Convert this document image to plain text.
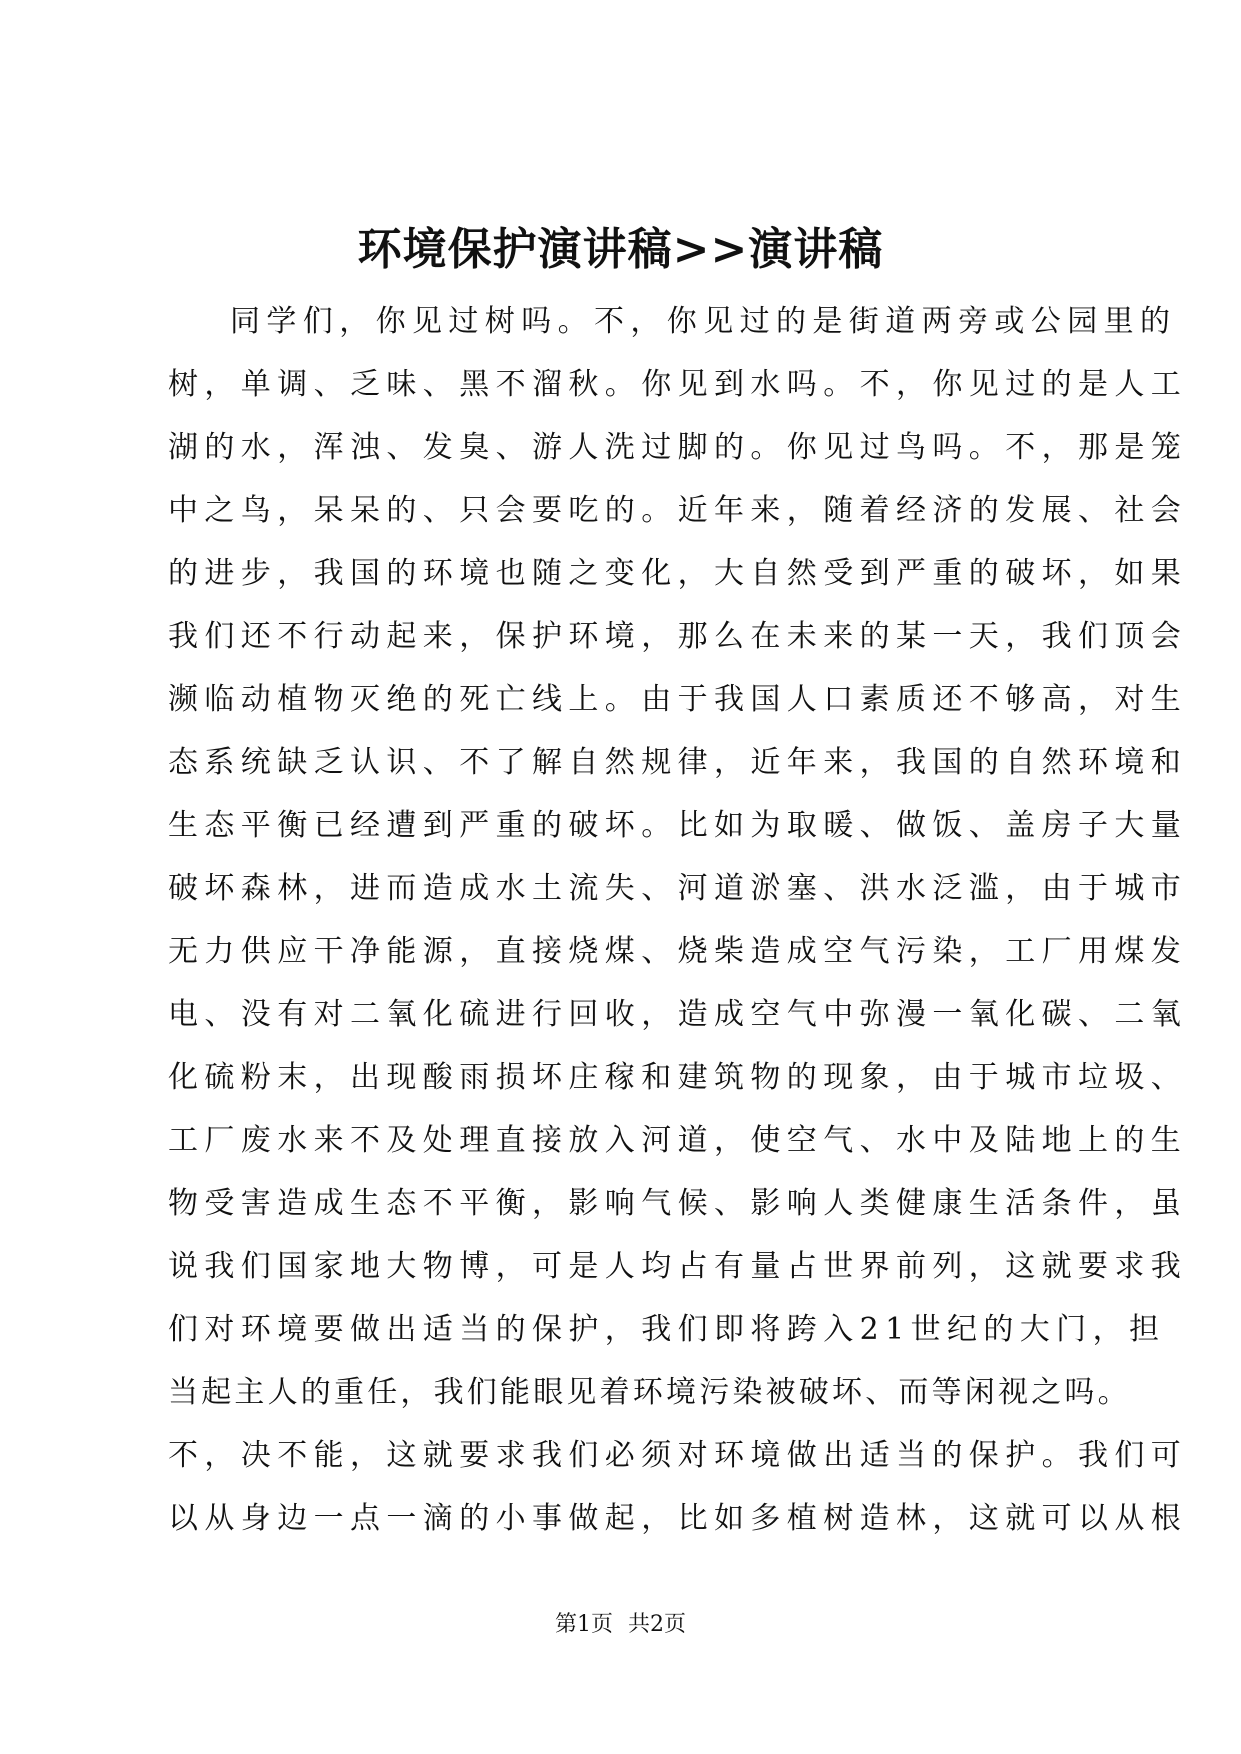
环境保护演讲稿>>演讲稿
同学们，你见过树吗。不，你见过的是街道两旁或公园里的
树，单调、乏味、黑不溜秋。你见到水吗。不，你见过的是人工
湖的水，浑浊、发臭、游人洗过脚的。你见过鸟吗。不，那是笼
中之鸟，呆呆的、只会要吃的。近年来，随着经济的发展、社会
的进步，我国的环境也随之变化，大自然受到严重的破坏，如果
我们还不行动起来，保护环境，那么在未来的某一天，我们顶会
濒临动植物灭绝的死亡线上。由于我国人口素质还不够高，对生
态系统缺乏认识、不了解自然规律，近年来，我国的自然环境和
生态平衡已经遭到严重的破坏。比如为取暖、做饭、盖房子大量
破坏森林，进而造成水土流失、河道淤塞、洪水泛滥，由于城市
无力供应干净能源，直接烧煤、烧柴造成空气污染，工厂用煤发
电、没有对二氧化硫进行回收，造成空气中弥漫一氧化碳、二氧
化硫粉末，出现酸雨损坏庄稼和建筑物的现象，由于城市垃圾、
工厂废水来不及处理直接放入河道，使空气、水中及陆地上的生
物受害造成生态不平衡，影响气候、影响人类健康生活条件，虽
说我们国家地大物博，可是人均占有量占世界前列，这就要求我
们对环境要做出适当的保护，我们即将跨入21世纪的大门，担
当起主人的重任，我们能眼见着环境污染被破坏、而等闲视之吗。
不，决不能，这就要求我们必须对环境做出适当的保护。我们可
以从身边一点一滴的小事做起，比如多植树造林，这就可以从根
第1页 共2页
